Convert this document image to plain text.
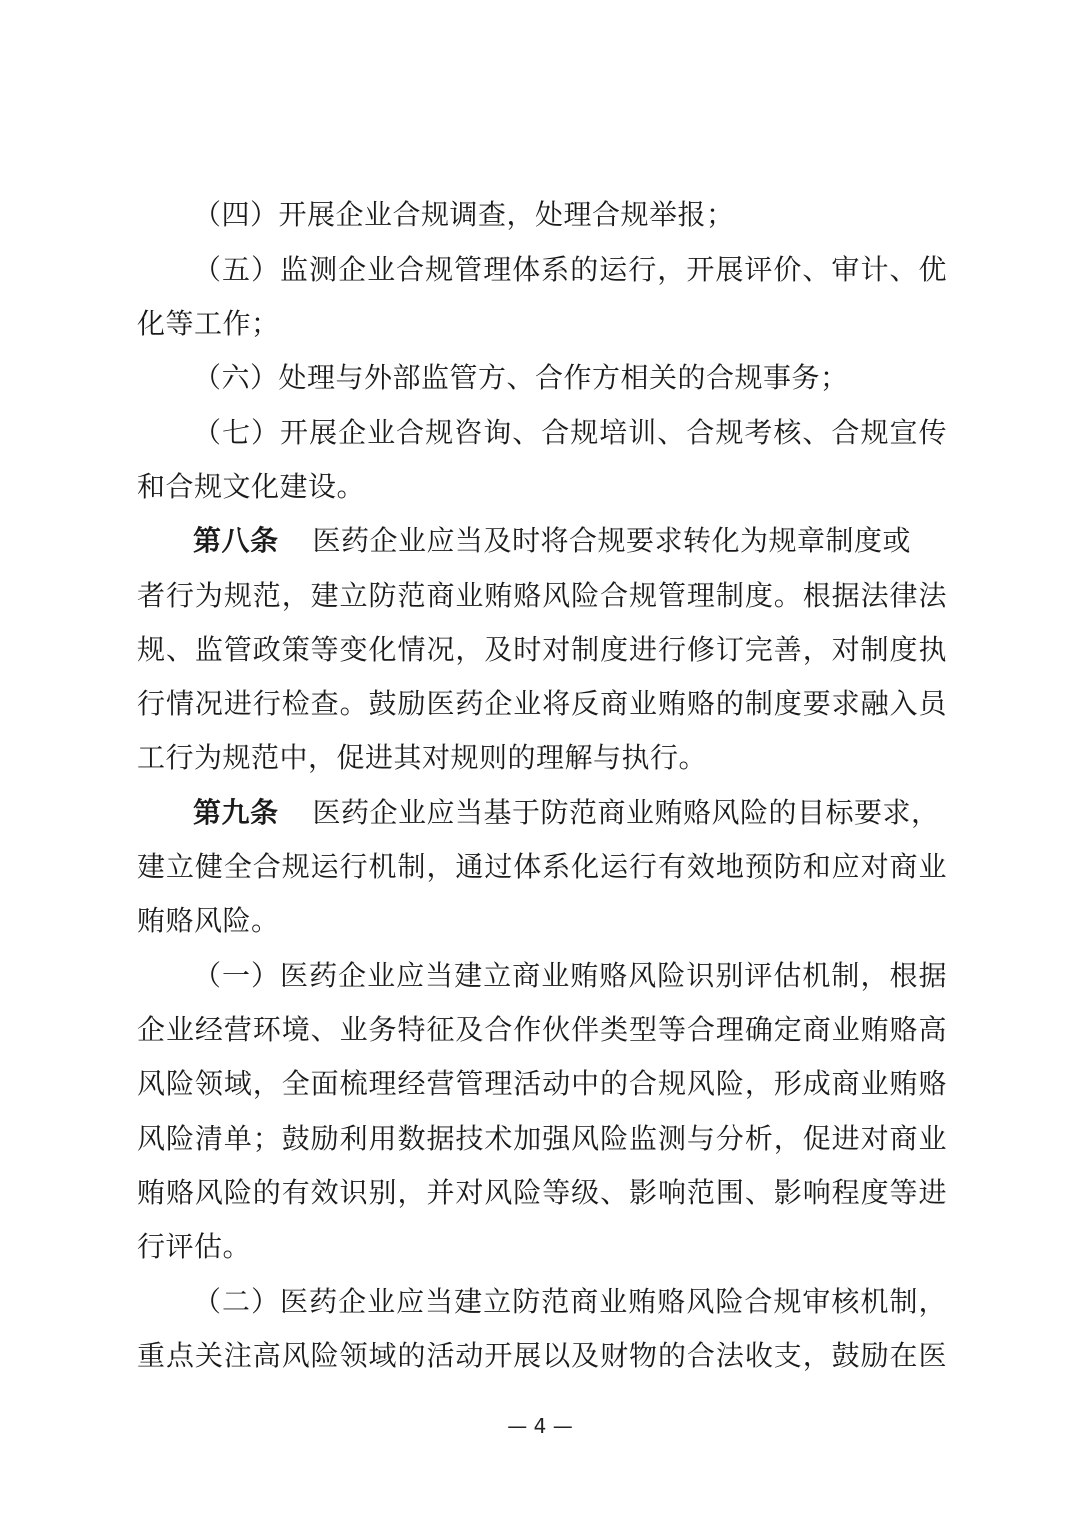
（四）开展企业合规调查，处理合规举报；
（五）监测企业合规管理体系的运行，开展评价、审计、优
化等工作；
（六）处理与外部监管方、合作方相关的合规事务；
（七）开展企业合规咨询、合规培训、合规考核、合规宣传
和合规文化建设。
第八条 医药企业应当及时将合规要求转化为规章制度或
者行为规范，建立防范商业贿赂风险合规管理制度。根据法律法
规、监管政策等变化情况，及时对制度进行修订完善，对制度执
行情况进行检查。鼓励医药企业将反商业贿赂的制度要求融入员
工行为规范中，促进其对规则的理解与执行。
第九条 医药企业应当基于防范商业贿赂风险的目标要求，
建立健全合规运行机制，通过体系化运行有效地预防和应对商业
贿赂风险。
（一）医药企业应当建立商业贿赂风险识别评估机制，根据
企业经营环境、业务特征及合作伙伴类型等合理确定商业贿赂高
风险领域，全面梳理经营管理活动中的合规风险，形成商业贿赂
风险清单；鼓励利用数据技术加强风险监测与分析，促进对商业
贿赂风险的有效识别，并对风险等级、影响范围、影响程度等进
行评估。
（二）医药企业应当建立防范商业贿赂风险合规审核机制，
重点关注高风险领域的活动开展以及财物的合法收支，鼓励在医
— 4 —
